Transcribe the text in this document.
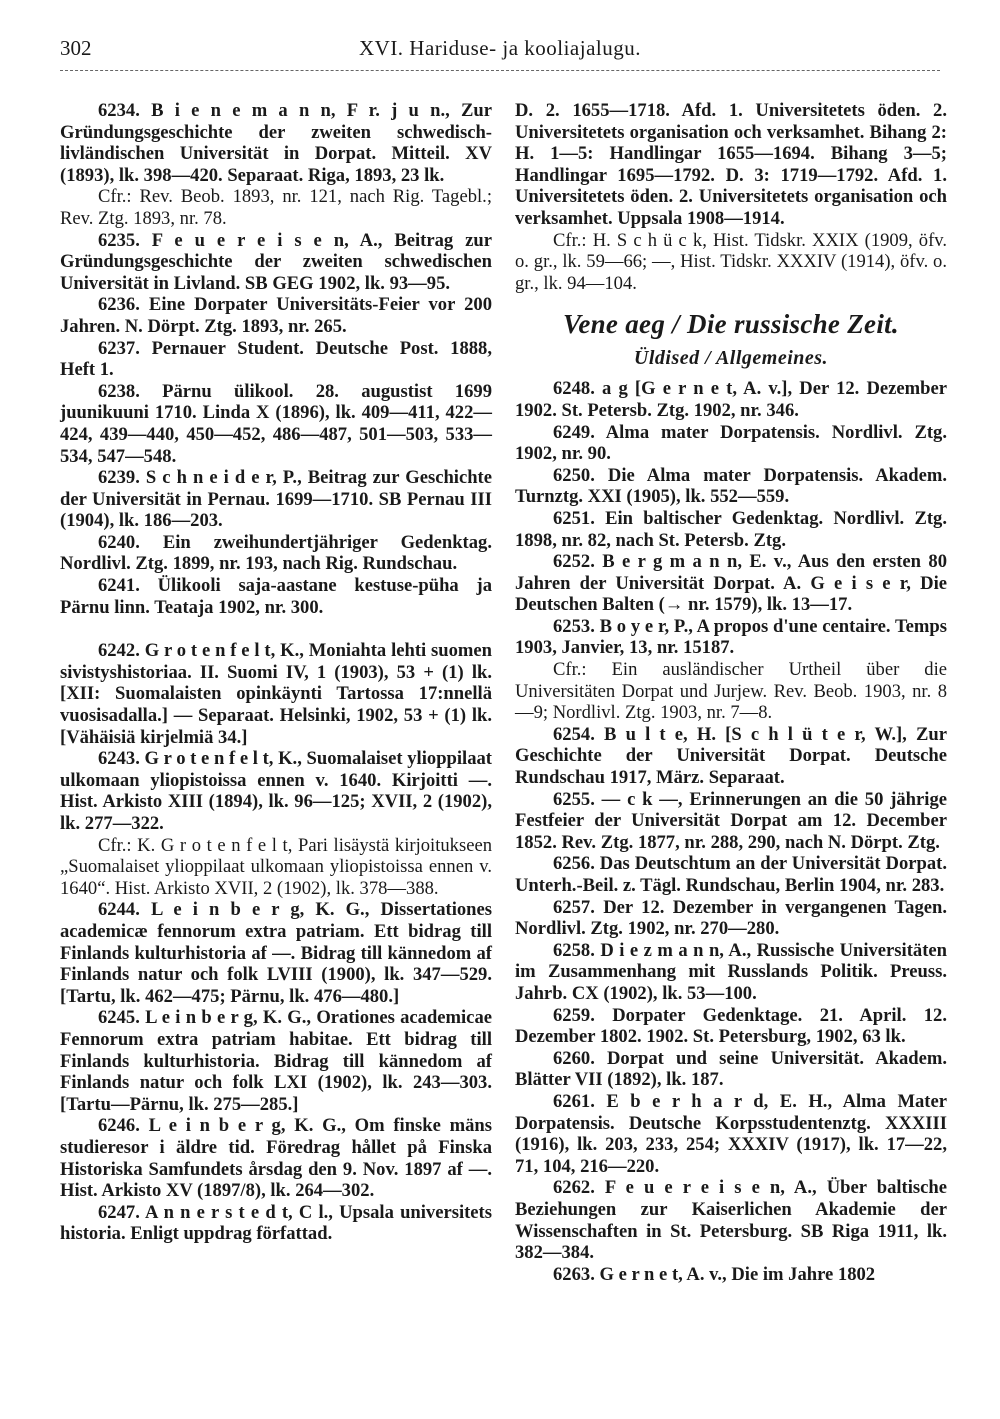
302	XVI. Hariduse- ja kooliajalugu.

6234. B i e n e m a n n, F r. j u n., Zur Gründungsgeschichte der zweiten schwedisch-livländischen Universität in Dorpat. Mitteil. XV (1893), lk. 398—420. Separaat. Riga, 1893, 23 lk.

Cfr.: Rev. Beob. 1893, nr. 121, nach Rig. Tagebl.; Rev. Ztg. 1893, nr. 78.

6235. F e u e r e i s e n, A., Beitrag zur Gründungsgeschichte der zweiten schwedischen Universität in Livland. SB GEG 1902, lk. 93—95.

6236. Eine Dorpater Universitäts-Feier vor 200 Jahren. N. Dörpt. Ztg. 1893, nr. 265.

6237. Pernauer Student. Deutsche Post. 1888, Heft 1.

6238. Pärnu ülikool. 28. augustist 1699 juunikuuni 1710. Linda X (1896), lk. 409—411, 422—424, 439—440, 450—452, 486—487, 501—503, 533—534, 547—548.

6239. S c h n e i d e r, P., Beitrag zur Geschichte der Universität in Pernau. 1699—1710. SB Pernau III (1904), lk. 186—203.

6240. Ein zweihundertjähriger Gedenktag. Nordlivl. Ztg. 1899, nr. 193, nach Rig. Rundschau.

6241. Ülikooli saja-aastane kestuse-püha ja Pärnu linn. Teataja 1902, nr. 300.

6242. G r o t e n f e l t, K., Moniahta lehti suomen sivistyshistoriaa. II. Suomi IV, 1 (1903), 53 + (1) lk. [XII: Suomalaisten opinkäynti Tartossa 17:nnellä vuosisadalla.] — Separaat. Helsinki, 1902, 53 + (1) lk. [Vähäisiä kirjelmiä 34.]

6243. G r o t e n f e l t, K., Suomalaiset ylioppilaat ulkomaan yliopistoissa ennen v. 1640. Kirjoitti —. Hist. Arkisto XIII (1894), lk. 96—125; XVII, 2 (1902), lk. 277—322.

Cfr.: K. G r o t e n f e l t, Pari lisäystä kirjoitukseen „Suomalaiset ylioppilaat ulkomaan yliopistoissa ennen v. 1640“. Hist. Arkisto XVII, 2 (1902), lk. 378—388.

6244. L e i n b e r g, K. G., Dissertationes academicæ fennorum extra patriam. Ett bidrag till Finlands kulturhistoria af —. Bidrag till kännedom af Finlands natur och folk LVIII (1900), lk. 347—529. [Tartu, lk. 462—475; Pärnu, lk. 476—480.]

6245. L e i n b e r g, K. G., Orationes academicae Fennorum extra patriam habitae. Ett bidrag till Finlands kulturhistoria. Bidrag till kännedom af Finlands natur och folk LXI (1902), lk. 243—303. [Tartu—Pärnu, lk. 275—285.]

6246. L e i n b e r g, K. G., Om finske mäns studieresor i äldre tid. Föredrag hållet på Finska Historiska Samfundets årsdag den 9. Nov. 1897 af —. Hist. Arkisto XV (1897/8), lk. 264—302.

6247. A n n e r s t e d t, C l., Upsala universitets historia. Enligt uppdrag författad.

D. 2. 1655—1718. Afd. 1. Universitetets öden. 2. Universitetets organisation och verksamhet. Bihang 2: H. 1—5: Handlingar 1655—1694. Bihang 3—5; Handlingar 1695—1792. D. 3: 1719—1792. Afd. 1. Universitetets öden. 2. Universitetets organisation och verksamhet. Uppsala 1908—1914.

Cfr.: H. S c h ü c k, Hist. Tidskr. XXIX (1909, öfv. o. gr., lk. 59—66; —, Hist. Tidskr. XXXIV (1914), öfv. o. gr., lk. 94—104.

Vene aeg / Die russische Zeit.
Üldised / Allgemeines.

6248. a g [G e r n e t, A. v.], Der 12. Dezember 1902. St. Petersb. Ztg. 1902, nr. 346.

6249. Alma mater Dorpatensis. Nordlivl. Ztg. 1902, nr. 90.

6250. Die Alma mater Dorpatensis. Akadem. Turnztg. XXI (1905), lk. 552—559.

6251. Ein baltischer Gedenktag. Nordlivl. Ztg. 1898, nr. 82, nach St. Petersb. Ztg.

6252. B e r g m a n n, E. v., Aus den ersten 80 Jahren der Universität Dorpat. A. G e i s e r, Die Deutschen Balten (→ nr. 1579), lk. 13—17.

6253. B o y e r, P., A propos d'une centaire. Temps 1903, Janvier, 13, nr. 15187.

Cfr.: Ein ausländischer Urtheil über die Universitäten Dorpat und Jurjew. Rev. Beob. 1903, nr. 8—9; Nordlivl. Ztg. 1903, nr. 7—8.

6254. B u l t e, H. [S c h l ü t e r, W.], Zur Geschichte der Universität Dorpat. Deutsche Rundschau 1917, März. Separaat.

6255. — c k —, Erinnerungen an die 50 jährige Festfeier der Universität Dorpat am 12. December 1852. Rev. Ztg. 1877, nr. 288, 290, nach N. Dörpt. Ztg.

6256. Das Deutschtum an der Universität Dorpat. Unterh.-Beil. z. Tägl. Rundschau, Berlin 1904, nr. 283.

6257. Der 12. Dezember in vergangenen Tagen. Nordlivl. Ztg. 1902, nr. 270—280.

6258. D i e z m a n n, A., Russische Universitäten im Zusammenhang mit Russlands Politik. Preuss. Jahrb. CX (1902), lk. 53—100.

6259. Dorpater Gedenktage. 21. April. 12. Dezember 1802. 1902. St. Petersburg, 1902, 63 lk.

6260. Dorpat und seine Universität. Akadem. Blätter VII (1892), lk. 187.

6261. E b e r h a r d, E. H., Alma Mater Dorpatensis. Deutsche Korpsstudentenztg. XXXIII (1916), lk. 203, 233, 254; XXXIV (1917), lk. 17—22, 71, 104, 216—220.

6262. F e u e r e i s e n, A., Über baltische Beziehungen zur Kaiserlichen Akademie der Wissenschaften in St. Petersburg. SB Riga 1911, lk. 382—384.

6263. G e r n e t, A. v., Die im Jahre 1802
